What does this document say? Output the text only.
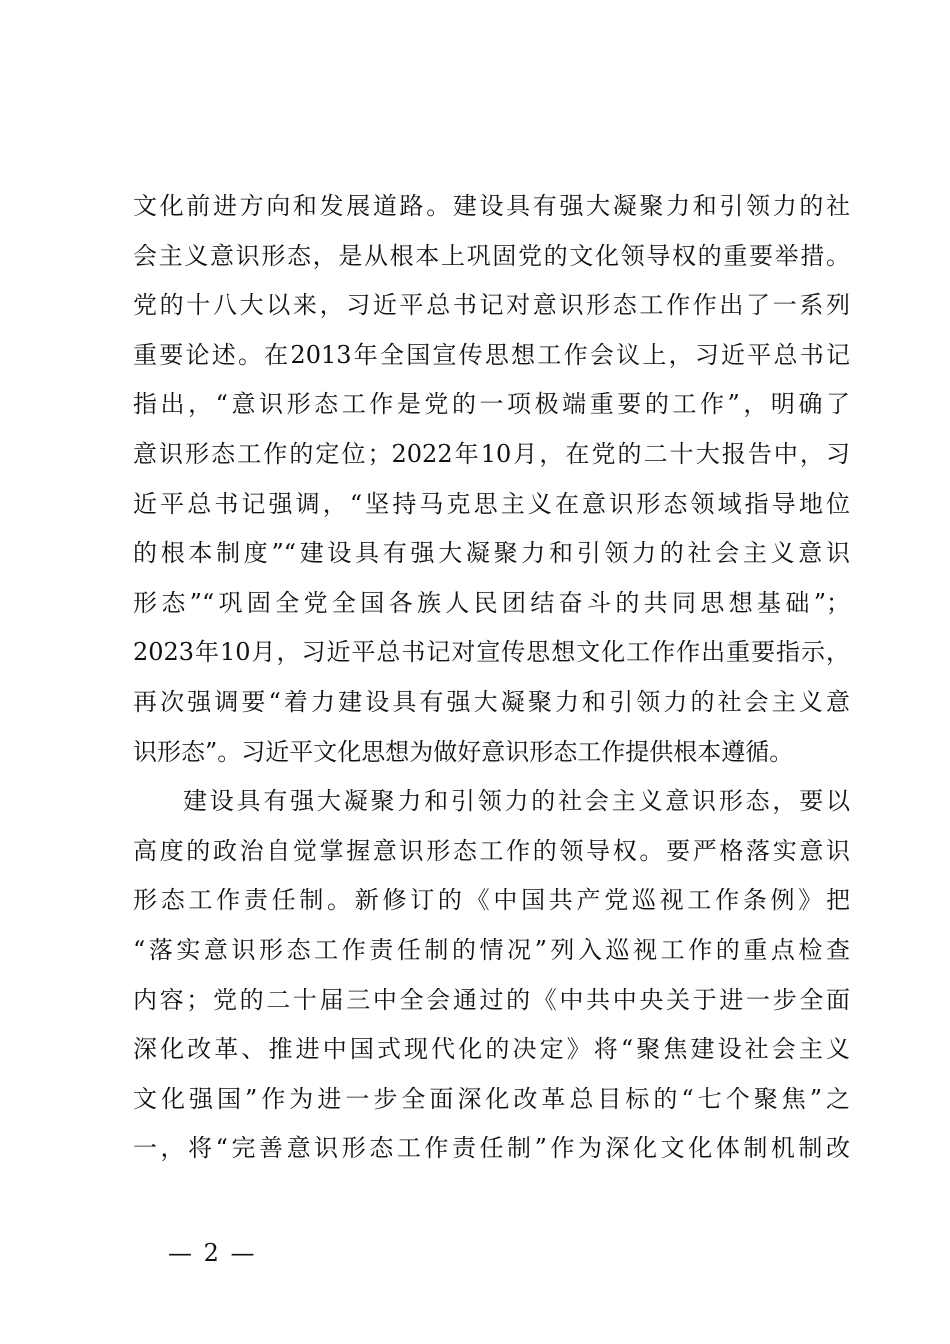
文化前进方向和发展道路。建设具有强大凝聚力和引领力的社
会主义意识形态，是从根本上巩固党的文化领导权的重要举措。
党的十八大以来，习近平总书记对意识形态工作作出了一系列
重要论述。在2013年全国宣传思想工作会议上，习近平总书记
指出，“意识形态工作是党的一项极端重要的工作”，明确了
意识形态工作的定位；2022年10月，在党的二十大报告中，习
近平总书记强调，“坚持马克思主义在意识形态领域指导地位
的根本制度”“建设具有强大凝聚力和引领力的社会主义意识
形态”“巩固全党全国各族人民团结奋斗的共同思想基础”；
2023年10月，习近平总书记对宣传思想文化工作作出重要指示，
再次强调要“着力建设具有强大凝聚力和引领力的社会主义意
识形态”。习近平文化思想为做好意识形态工作提供根本遵循。
建设具有强大凝聚力和引领力的社会主义意识形态，要以
高度的政治自觉掌握意识形态工作的领导权。要严格落实意识
形态工作责任制。新修订的《中国共产党巡视工作条例》把
“落实意识形态工作责任制的情况”列入巡视工作的重点检查
内容；党的二十届三中全会通过的《中共中央关于进一步全面
深化改革、推进中国式现代化的决定》将“聚焦建设社会主义
文化强国”作为进一步全面深化改革总目标的“七个聚焦”之
一，将“完善意识形态工作责任制”作为深化文化体制机制改
— 2 —
